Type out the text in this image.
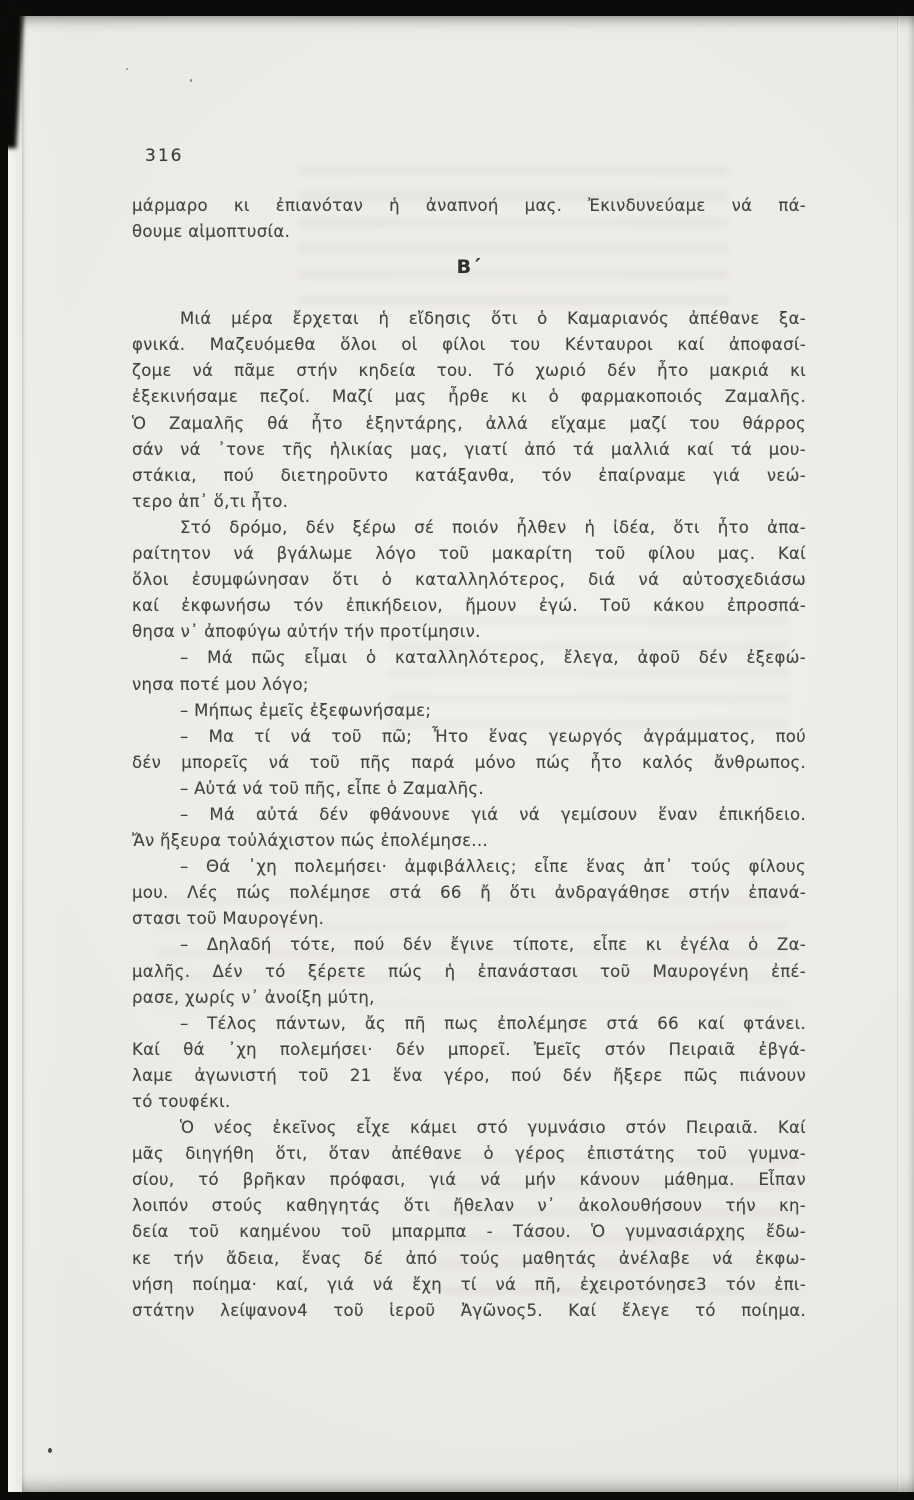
316
μάρμαρο κι ἐπιανόταν ἡ ἀναπνοή μας. Ἐκινδυνεύαμε νά πά-
θουμε αἱμοπτυσία.
Β΄
Μιά μέρα ἔρχεται ἡ εἴδησις ὅτι ὁ Καμαριανός ἀπέθανε ξα-
φνικά. Μαζευόμεθα ὅλοι οἱ φίλοι του Κένταυροι καί ἀποφασί-
ζομε νά πᾶμε στήν κηδεία του. Τό χωριό δέν ἦτο μακριά κι
ἐξεκινήσαμε πεζοί. Μαζί μας ἦρθε κι ὁ φαρμακοποιός Ζαμαλῆς.
Ὁ Ζαμαλῆς θά ἦτο ἑξηντάρης, ἀλλά εἴχαμε μαζί του θάρρος
σάν νά ᾽τονε τῆς ἡλικίας μας, γιατί ἀπό τά μαλλιά καί τά μου-
στάκια, πού διετηροῦντο κατάξανθα, τόν ἐπαίρναμε γιά νεώ-
τερο ἀπ᾽ ὅ,τι ἦτο.
Στό δρόμο, δέν ξέρω σέ ποιόν ἦλθεν ἡ ἰδέα, ὅτι ἦτο ἀπα-
ραίτητον νά βγάλωμε λόγο τοῦ μακαρίτη τοῦ φίλου μας. Καί
ὅλοι ἐσυμφώνησαν ὅτι ὁ καταλληλότερος, διά νά αὐτοσχεδιάσω
καί ἐκφωνήσω τόν ἐπικήδειον, ἤμουν ἐγώ. Τοῦ κάκου ἐπροσπά-
θησα ν᾽ ἀποφύγω αὐτήν τήν προτίμησιν.
– Μά πῶς εἶμαι ὁ καταλληλότερος, ἔλεγα, ἀφοῦ δέν ἐξεφώ-
νησα ποτέ μου λόγο;
– Μήπως ἐμεῖς ἐξεφωνήσαμε;
– Μα τί νά τοῦ πῶ; Ἦτο ἕνας γεωργός ἀγράμματος, πού
δέν μπορεῖς νά τοῦ πῆς παρά μόνο πώς ἦτο καλός ἄνθρωπος.
– Αὐτά νά τοῦ πῆς, εἶπε ὁ Ζαμαλῆς.
– Μά αὐτά δέν φθάνουνε γιά νά γεμίσουν ἕναν ἐπικήδειο.
Ἄν ἤξευρα τοὐλάχιστον πώς ἐπολέμησε...
– Θά ᾽χη πολεμήσει· ἀμφιβάλλεις; εἶπε ἕνας ἀπ᾽ τούς φίλους
μου. Λές πώς πολέμησε στά 66 ἤ ὅτι ἀνδραγάθησε στήν ἐπανά-
στασι τοῦ Μαυρογένη.
– Δηλαδή τότε, πού δέν ἔγινε τίποτε, εἶπε κι ἐγέλα ὁ Ζα-
μαλῆς. Δέν τό ξέρετε πώς ἡ ἐπανάστασι τοῦ Μαυρογένη ἐπέ-
ρασε, χωρίς ν᾽ ἀνοίξη μύτη,
– Τέλος πάντων, ἄς πῆ πως ἐπολέμησε στά 66 καί φτάνει.
Καί θά ᾽χη πολεμήσει· δέν μπορεῖ. Ἐμεῖς στόν Πειραιᾶ ἐβγά-
λαμε ἀγωνιστή τοῦ 21 ἕνα γέρο, πού δέν ἤξερε πῶς πιάνουν
τό τουφέκι.
Ὁ νέος ἐκεῖνος εἶχε κάμει στό γυμνάσιο στόν Πειραιᾶ. Καί
μᾶς διηγήθη ὅτι, ὅταν ἀπέθανε ὁ γέρος ἐπιστάτης τοῦ γυμνα-
σίου, τό βρῆκαν πρόφασι, γιά νά μήν κάνουν μάθημα. Εἶπαν
λοιπόν στούς καθηγητάς ὅτι ἤθελαν ν᾽ ἀκολουθήσουν τήν κη-
δεία τοῦ καημένου τοῦ μπαρμπα - Τάσου. Ὁ γυμνασιάρχης ἔδω-
κε τήν ἄδεια, ἕνας δέ ἀπό τούς μαθητάς ἀνέλαβε νά ἐκφω-
νήση ποίημα· καί, γιά νά ἔχη τί νά πῆ, ἐχειροτόνησε3 τόν ἐπι-
στάτην λείψανον4 τοῦ ἱεροῦ Ἀγῶνος5. Καί ἔλεγε τό ποίημα.
